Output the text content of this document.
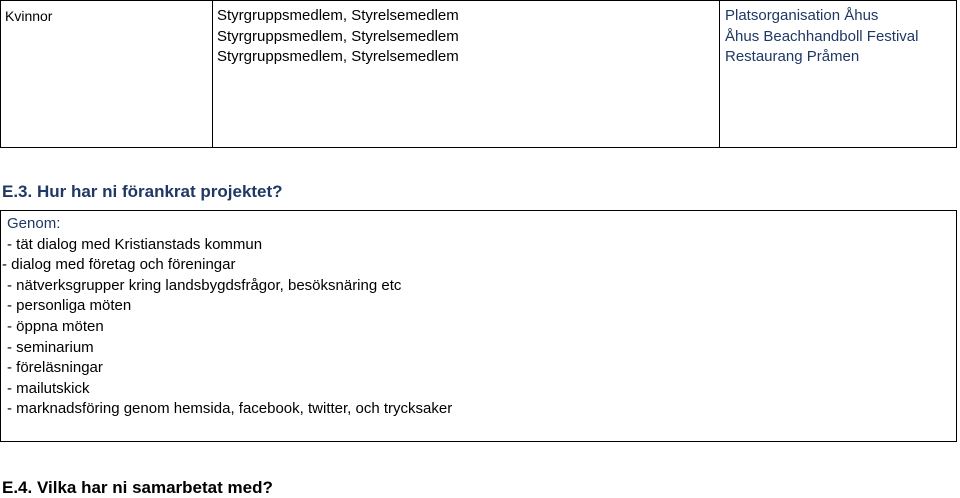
Kvinnor	Styrgruppsmedlem, Styrelsemedlem
Styrgruppsmedlem, Styrelsemedlem
Styrgruppsmedlem, Styrelsemedlem
Platsorganisation Åhus
Åhus Beachhandboll Festival
Restaurang Pråmen
E.3. Hur har ni förankrat projektet?
Genom:
- tät dialog med Kristianstads kommun
- dialog med företag och föreningar
- nätverksgrupper kring landsbygdsfrågor, besöksnäring etc
- personliga möten
- öppna möten
- seminarium
- föreläsningar
- mailutskick
- marknadsföring genom hemsida, facebook, twitter, och trycksaker
E.4. Vilka har ni samarbetat med?
